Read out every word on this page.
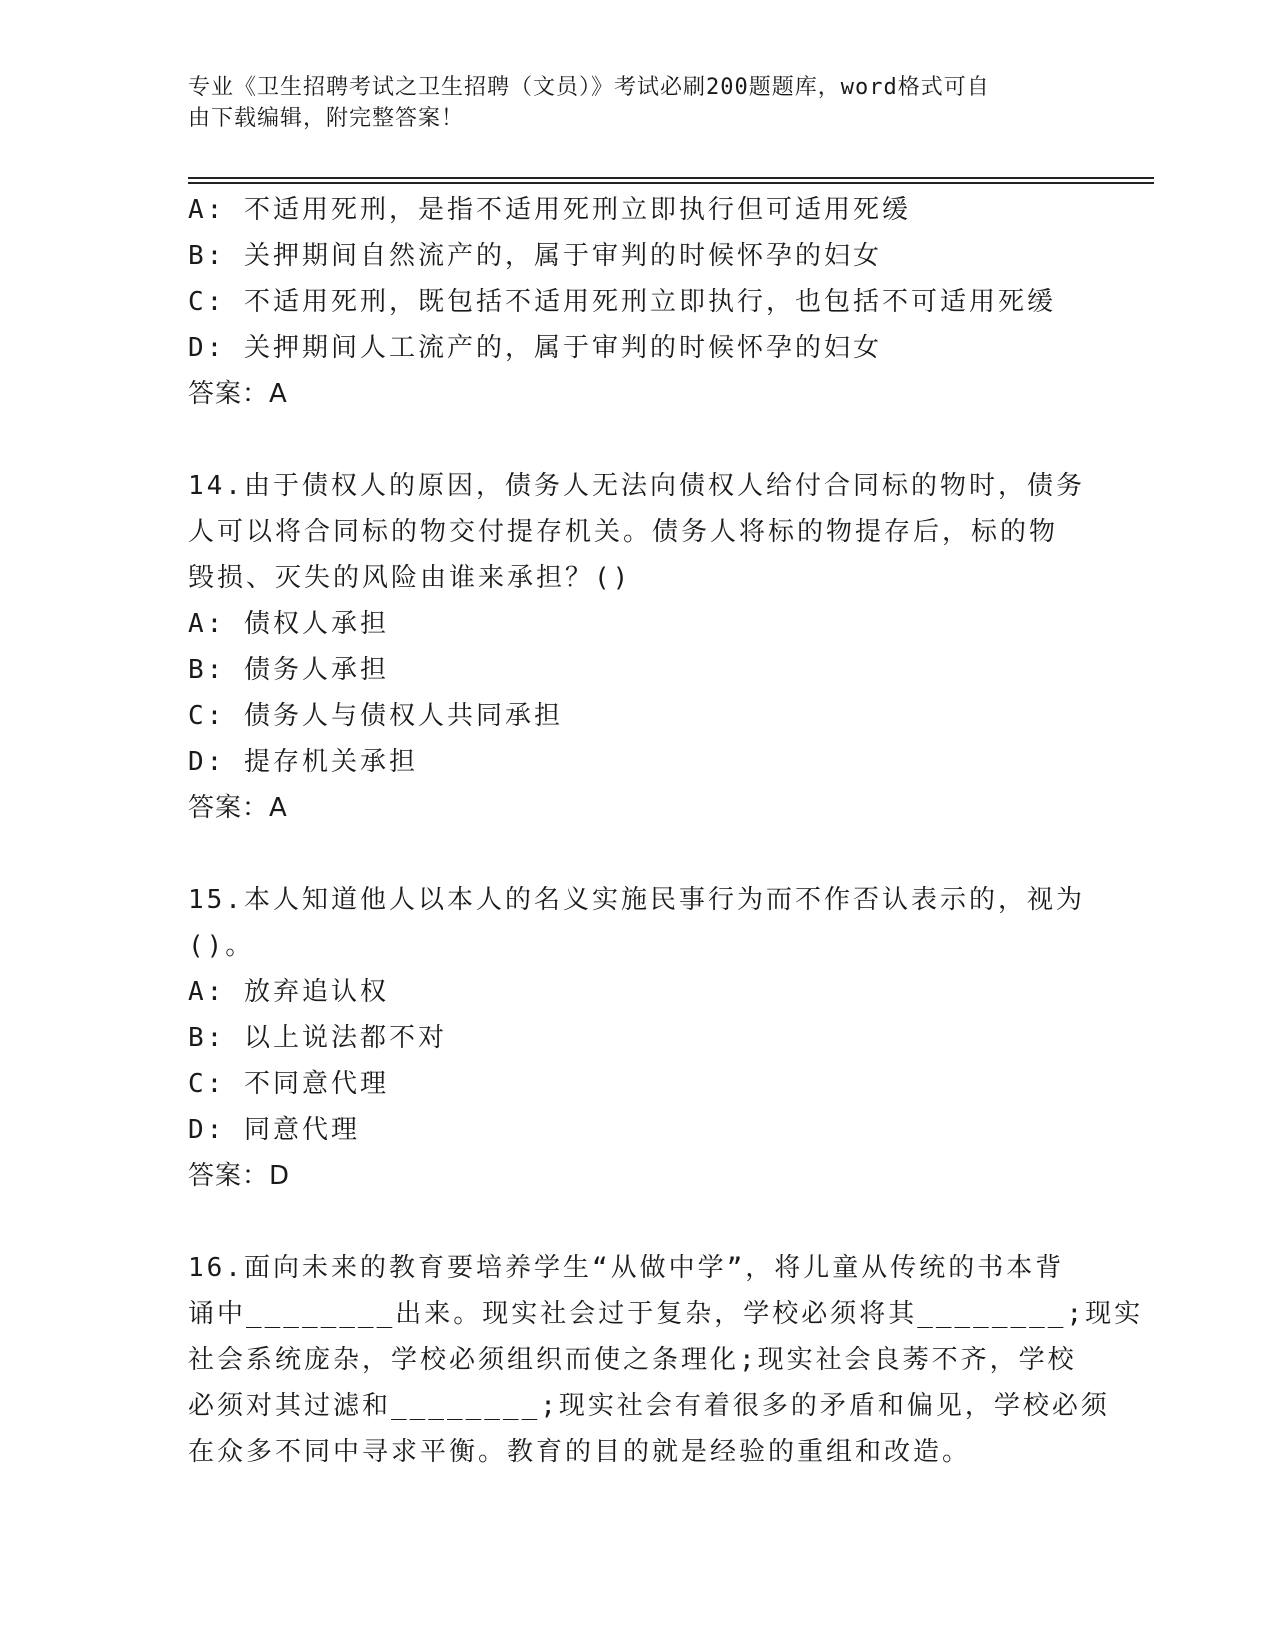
专业《卫生招聘考试之卫生招聘（文员）》考试必刷200题题库，word格式可自
由下载编辑，附完整答案！
A: 不适用死刑，是指不适用死刑立即执行但可适用死缓
B: 关押期间自然流产的，属于审判的时候怀孕的妇女
C: 不适用死刑，既包括不适用死刑立即执行，也包括不可适用死缓
D: 关押期间人工流产的，属于审判的时候怀孕的妇女
答案：A
14.由于债权人的原因，债务人无法向债权人给付合同标的物时，债务
人可以将合同标的物交付提存机关。债务人将标的物提存后，标的物
毁损、灭失的风险由谁来承担？()
A: 债权人承担
B: 债务人承担
C: 债务人与债权人共同承担
D: 提存机关承担
答案：A
15.本人知道他人以本人的名义实施民事行为而不作否认表示的，视为
()。
A: 放弃追认权
B: 以上说法都不对
C: 不同意代理
D: 同意代理
答案：D
16.面向未来的教育要培养学生“从做中学”，将儿童从传统的书本背
诵中________出来。现实社会过于复杂，学校必须将其________;现实
社会系统庞杂，学校必须组织而使之条理化;现实社会良莠不齐，学校
必须对其过滤和________;现实社会有着很多的矛盾和偏见，学校必须
在众多不同中寻求平衡。教育的目的就是经验的重组和改造。
